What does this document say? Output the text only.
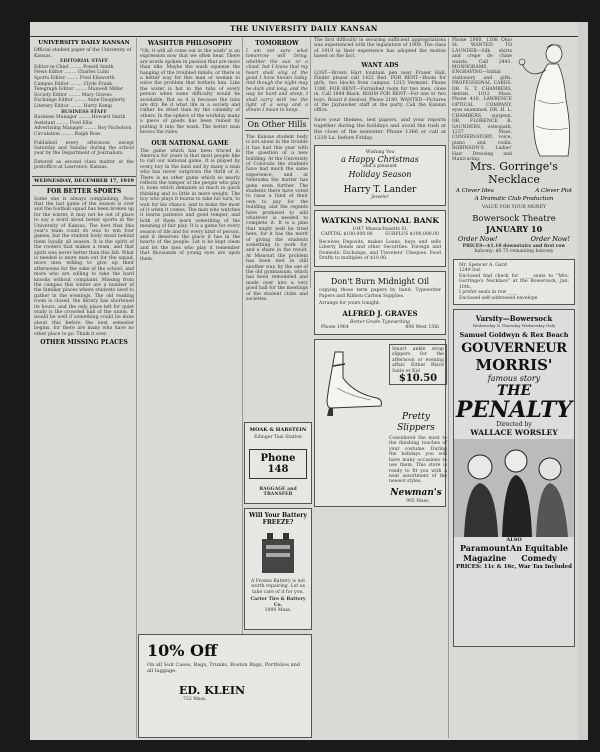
THE UNIVERSITY DAILY KANSAN
UNIVERSITY DAILY KANSAN
Official student paper of the University of Kansas.
EDITORIAL STAFF
Editor-in-Chief ........ Powell Smith
News Editor ........ Charles Luhn
Sports Editor ........ Fred Ellsworth
Campus Editor ........ Clyde Frank
Telegraph Editor ........ Maxwell Miller
Society Editor ........ Mary Graves
Exchange Editor ........ Anne Daugherty
Literary Editor ........ Harry Kemp
BUSINESS STAFF
Business Manager ........ Howard Smith
Assistant ........ Fred Ellis
Advertising Manager ........ Roy Nicholson
Circulation ........ Ralph Ross
Published every afternoon except Saturday and Sunday during the school year by the Department of Journalism.
Entered as second class matter at the postoffice at Lawrence, Kansas.
WEDNESDAY, DECEMBER 17, 1919
FOR BETTER SPORTS
Some one is always complaining. Now that the last game of the season is over and the football squad has been broken up for the winter, it may not be out of place to say a word about better sports at the University of Kansas. The best that this year's team could do was to win four games, but the student body stood behind them loyally all season. It is the spirit of the rooters that makes a team, and that spirit was never better than this fall. What is needed is more men out for the squad, more men willing to give up their afternoons for the sake of the school, and more who are willing to take the hard knocks without complaint. Missing from the campus this winter are a number of the familiar places where students used to gather in the evenings. The old reading room is closed, the library has shortened its hours, and the only place left for quiet study is the crowded hall of the union. It would be well if something could be done about this before the next semester begins, for there are many who have no other place to go. Think it over.
OTHER MISSING PLACES
WASHTUB PHILOSOPHY
"Oh, it will all come out in the wash" is an expression now that we often hear. There are words spoken in passion that are more than idle. Maybe the wash squeeze the hanging of the troubled minds; or there is a better way for this man or woman to solve the problem that bothers him. Like the water is hot in the tubs of every person when some difficulty would be avoidable. But so it is because the tubs are dry. Be it what life in a society and rather be dried than by the calamity of others. In the sphere of the workday many a piece of goods has been ruined by putting it into the wash. The better man knows the rules.
OUR NATIONAL GAME
The game which has been traced in America for years is that most people like to call our national game. It is played by every boy in the land and by many a man who has never outgrown the thrill of it. There is no other game which so nearly reflects the temper of the people who play it, none which demands so much in quick thinking and so little in mere weight. The boy who plays it learns to take his turn, to wait for his chance, and to make the most of it when it comes. The man who watches it learns patience and good temper, and both of them learn something of the meaning of fair play. It is a game for every season of life and for every kind of person, and it deserves the place it has in the hearts of the people. Let it be kept clean and let the men who play it remember that thousands of young eyes are upon them.
TOMORROW
I am not sure what tomorrow will bring, whether the sun or a cloud, but I know that my heart shall sing of the good I have known today. And though the night may be dark and long, and the way be hard and steep, I shall carry with me the light of a song and a dream I mean to keep.
On Other Hills
The Kansas student body is not alone in the trouble it has had this year with the question of a new building. At the University of Colorado the students have had much the same experience, and at Nebraska the matter has gone even further. The students there have voted to raise a fund of their own to pay for the building, and the regents have promised to add whatever is needed to complete it. It is a plan that might well be tried here, for it has the merit of giving the students something to work for, and a share in the result. At Missouri the problem has been met in still another way, by the use of the old gymnasium, which has been remodeled and made over into a very good hall for the meetings of the student clubs and societies.
MOAK & HARSTEIN
Edinger Taxi Station
Phone 148
BAGGAGE and TRANSFER
Will Your Battery FREEZE?
A Frozen Battery is not worth repairing. Let us take care of it for you.
Carter Tire & Battery Co.
1000 Mass.
10% Off
On all Suit Cases, Bags, Trunks, Boston Bags, Portfolios and all luggage.
ED. KLEIN
732 Mass.
The first difficulty in securing sufficient appropriations was experienced with the legislature of 1909. The class of 1919 in their experience has adopted the motion based on the fact.
WANT ADS
LOST—Brown Hart fountain pen near Fraser Hall. Finder please call 1422 Red. FOR RENT—Room for girls, two blocks from campus. 1315 Vermont. Phone 1380. FOR RENT—Furnished room for two men, close in. Call 1844 Black. ROOM FOR RENT—For one or two boys. Board if desired. Phone 2180. WANTED—Pictures of the Jayhawker staff at the party. Call the Kansan office.
Save your themes, test papers, and your reports together during the holidays and avoid the rush at the close of the semester. Phone 1366 or call at 1229 La. before Friday.
Wishing You
a Happy Christmas
and a pleasant
Holiday Season
Harry T. Lander
Jeweler
WATKINS NATIONAL BANK
1047 Massachusetts St.
CAPITAL $100,000.00	SURPLUS $100,000.00
Receives Deposits, makes Loans, buys and sells Liberty Bonds and other Securities. Foreign and Domestic Exchange, and Travelers' Cheques. Food Drafts to multiples of $10.00.
Don't Burn Midnight Oil
copying those term papers by hand. Typewriter Papers and Ribbon Carbon Supplies.
Arrange for yours tonight.
ALFRED J. GRAVES
Better Grade Typewriting
Phone 1964	806 West 15th
Smart ankle strap slippers for the afternoon or evening affair. Either Black Satin or Kid
$10.50
Pretty
Slippers
Considered the most to the finishing touches of your costume. During the holidays you will have many occasions to use them. This store is ready to fit you with a neat assortment of the newest styles.
Newman's
905 Mass.
Phone 2960. 1208 Ohio St. WANTED TO LAUNDER—Silk shirts and crepe de chine waists. Call 2441. MONOGRAMS, ENGRAVING—Initial stationery and gifts. PROFESSIONAL CARDS. DR. G. T. CHAMBERS, dentist, 1012 Mass. Phone 410. LAWRENCE OPTICAL COMPANY, eyes examined. DR. H. L. CHAMBERS, surgeon. DR. FLORENCE B. SAUNDERS, osteopath, 1237 Mass. CONSERVATORY, voice, piano and violin. ROBINSON'S Ladies' Hair Dressing and Manicuring.
Mrs. Gorringe's
Necklace
A Clever Idea	A Clever Plot
A Dramatic Club Production
VALUE FOR YOUR MONEY
Bowersock Theatre
JANUARY 10
Order Now!	Order Now!
PRICES—$1.10 downstairs and first row
balcony; $0.75 remaining balcony
Mr. Spencer A. Gard
1249 Ind.
Enclosed find check for ____ seats to "Mrs. Gorringe's Necklace" at the Bowersock, Jan. 10th.
I prefer seats in row ____
Enclosed self-addressed envelope
Varsity—Bowersock
Wednesday & Thursday Wednesday Only
Samuel Goldwyn & Rex Beach
GOUVERNEUR
MORRIS'
famous story
THE
PENALTY
Directed by
WALLACE WORSLEY
ALSO
Paramount
Magazine
An Equitable
Comedy
PRICES: 11c & 16c, War Tax Included
